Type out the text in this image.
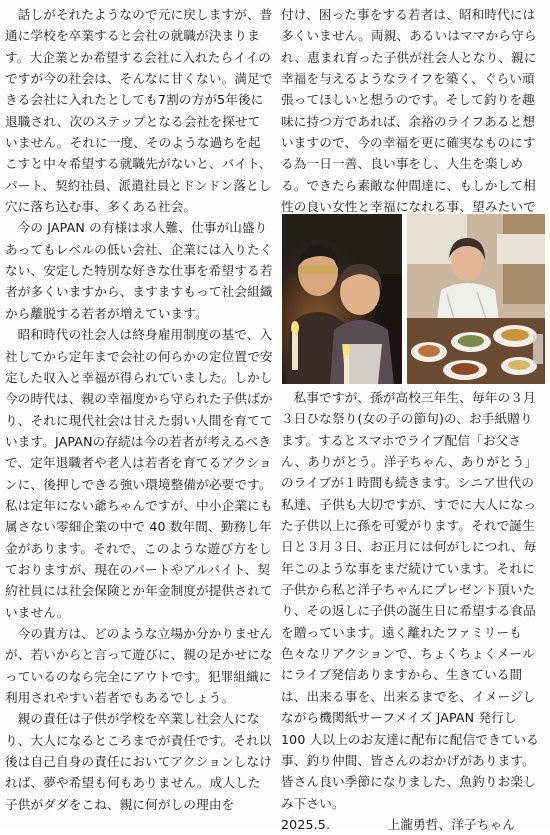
話しがそれたようなので元に戻しますが、普通に学校を卒業すると会社の就職が決まります。大企業とか希望する会社に入れたらイイのですが今の社会は、そんなに甘くない。満足できる会社に入れたとしても7割の方が5年後に退職され、次のステップとなる会社を探せていません。それに一度、そのような過ちを起こすと中々希望する就職先がないと、バイト、パート、契約社員、派遣社員とドンドン落とし穴に落ち込む事、多くある社会。

今の JAPAN の有様は求人難、仕事が山盛りあってもレベルの低い会社、企業には入りたくない、安定した特別な好きな仕事を希望する若者が多くいますから、ますますもって社会組織から離脱する若者が増えています。

昭和時代の社会人は終身雇用制度の基で、入社してから定年まで会社の何らかの定位置で安定した収入と幸福が得られていました。しかし今の時代は、親の幸福度から守られた子供ばかり、それに現代社会は甘えた弱い人間を育てています。JAPANの存続は今の若者が考えるべきで、定年退職者や老人は若者を育てるアクションに、後押しできる強い環境整備が必要です。私は定年にない爺ちゃんですが、中小企業にも属さない零細企業の中で 40 数年間、勤務し年金があります。それで、このような遊び方をしておりますが、現在のパートやアルバイト、契約社員には社会保険とか年金制度が提供されていません。

今の貴方は、どのような立場か分かりませんが、若いからと言って遊びに、親の足かせになっているのなら完全にアウトです。犯罪組織に利用されやすい若者でもあるでしょう。

親の責任は子供が学校を卒業し社会人になり、大人になるところまでが責任です。それ以後は自己自身の責任においてアクションしなければ、夢や希望も何もありません。成人した子供がダダをこね、親に何がしの理由を

付け、困った事をする若者は、昭和時代には多くいません。両親、あるいはママから守られ、恵まれ育った子供が社会人となり、親に幸福を与えるようなライフを築く、ぐらい頑張ってほしいと想うのです。そして釣りを趣味に持つ方であれば、余裕のライフあると想いますので、今の幸福を更に確実なものにする為一日一善、良い事をし、人生を楽しめる。できたら素敵な仲間達に、もしかして相性の良い女性と幸福になれる事、望みたいで

私事ですが、孫が高校三年生、毎年の３月３日ひな祭り(女の子の節句)の、お手紙贈ります。するとスマホでライブ配信「お父さん、ありがとう。洋子ちゃん、ありがとう」のライブが１時間も続きます。シニア世代の私達、子供も大切ですが、すでに大人になった子供以上に孫を可愛がります。それで誕生日と３月３日、お正月には何がしにつれ、毎年このような事をまだ続けています。それに子供から私と洋子ちゃんにプレゼント頂いたり、その返しに子供の誕生日に希望する食品を贈っています。遠く離れたファミリーも色々なリアクションで、ちょくちょくメールにライブ発信ありますから、生きている間は、出来る事を、出来るまでを、イメージしながら機関紙サーフメイズ JAPAN 発行し 100 人以上のお友達に配布に配信できている事、釣り仲間、皆さんのおかげがあります。皆さん良い季節になりました、魚釣りお楽しみ下さい。

2025.5.	上瀧勇哲、洋子ちゃん
